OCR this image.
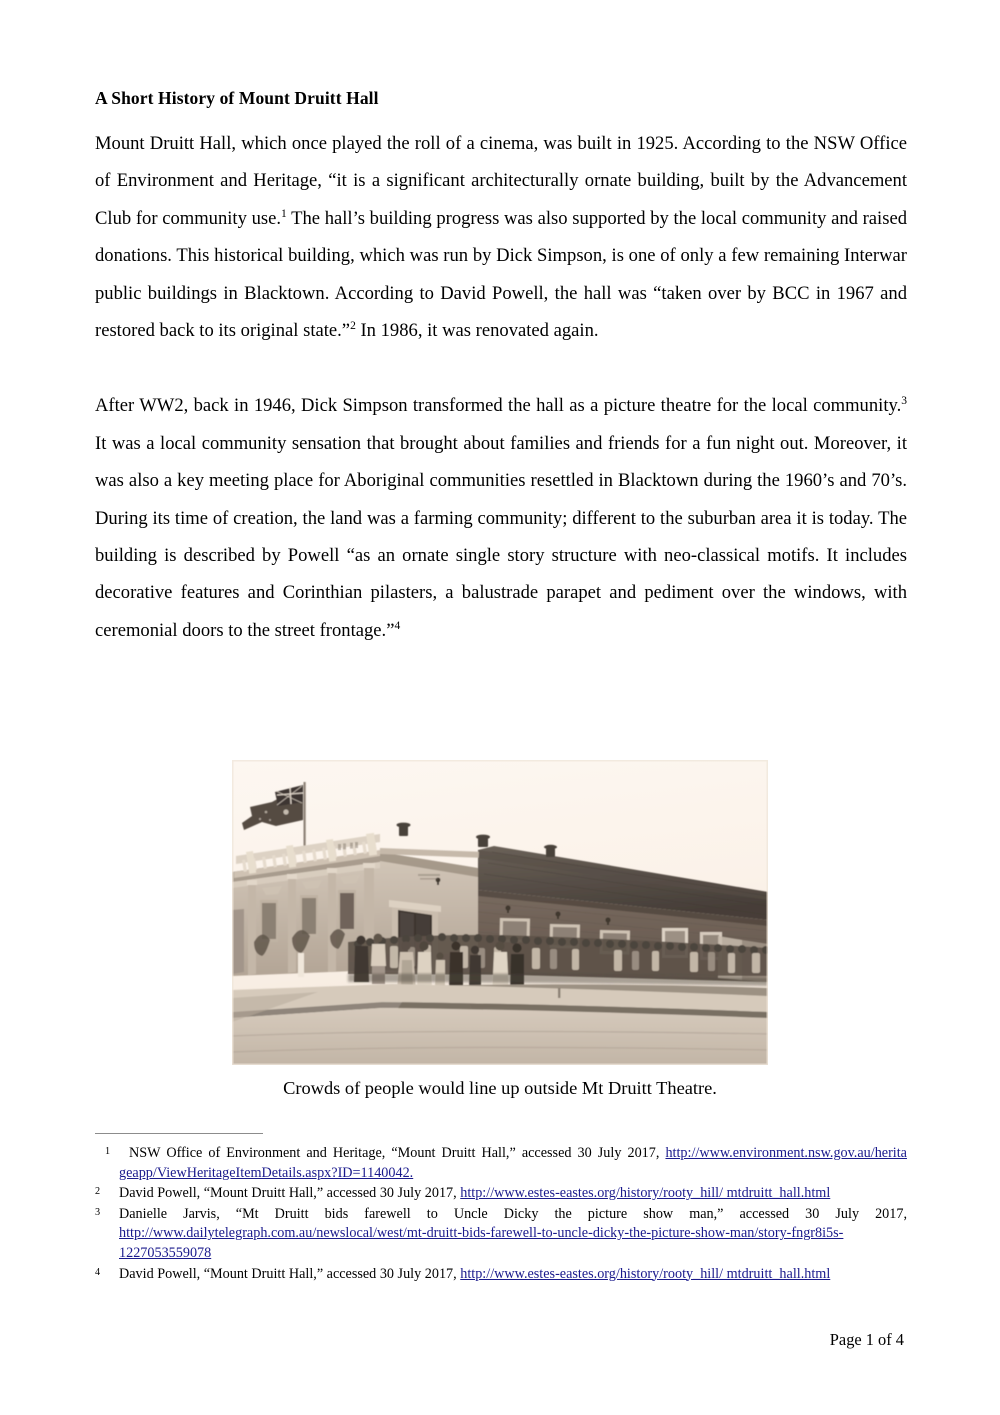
A Short History of Mount Druitt Hall

Mount Druitt Hall, which once played the roll of a cinema, was built in 1925. According to the NSW Office of Environment and Heritage, “it is a significant architecturally ornate building, built by the Advancement Club for community use.$^1$ The hall’s building progress was also supported by the local community and raised donations. This historical building, which was run by Dick Simpson, is one of only a few remaining Interwar public buildings in Blacktown. According to David Powell, the hall was “taken over by BCC in 1967 and restored back to its original state.”$^2$ In 1986, it was renovated again.

After WW2, back in 1946, Dick Simpson transformed the hall as a picture theatre for the local community.$^3$ It was a local community sensation that brought about families and friends for a fun night out. Moreover, it was also a key meeting place for Aboriginal communities resettled in Blacktown during the 1960’s and 70’s. During its time of creation, the land was a farming community; different to the suburban area it is today. The building is described by Powell “as an ornate single story structure with neo-classical motifs. It includes decorative features and Corinthian pilasters, a balustrade parapet and pediment over the windows, with ceremonial doors to the street frontage.”$^4$

Crowds of people would line up outside Mt Druitt Theatre.
1 NSW Office of Environment and Heritage, “Mount Druitt Hall,” accessed 30 July 2017, http://www.environment.nsw.gov.au/herita geapp/ViewHeritageItemDetails.aspx?ID=1140042.
2	David Powell, “Mount Druitt Hall,” accessed 30 July 2017, http://www.estes-eastes.org/history/rooty_hill/ mtdruitt_hall.html
3	Danielle Jarvis, “Mt Druitt bids farewell to Uncle Dicky the picture show man,” accessed 30 July 2017, http://www.dailytelegraph.com.au/newslocal/west/mt-druitt-bids-farewell-to-uncle-dicky-the-picture-show-man/story-fngr8i5s-1227053559078
4	David Powell, “Mount Druitt Hall,” accessed 30 July 2017, http://www.estes-eastes.org/history/rooty_hill/ mtdruitt_hall.html
Page 1 of 4
